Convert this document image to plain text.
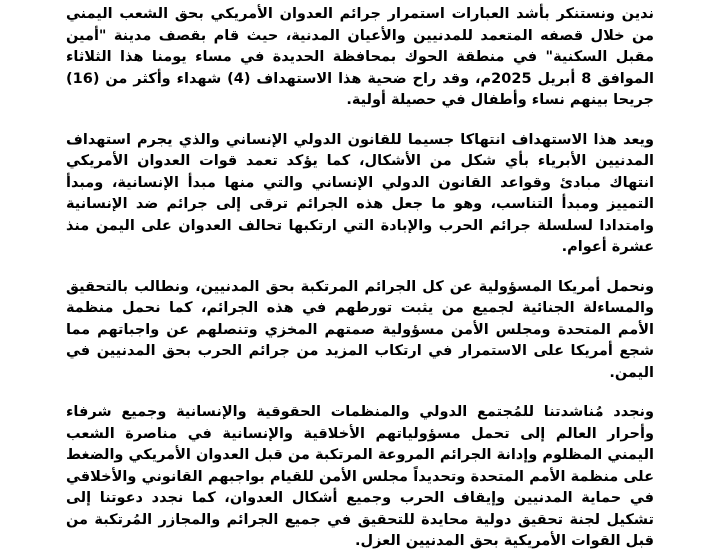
ندين ونستنكر بأشد العبارات استمرار جرائم العدوان الأمريكي بحق الشعب اليمني من خلال قصفه المتعمد للمدنيين والأعيان المدنية، حيث قام بقصف مدينة "أمين مقبل السكنية" في منطقة الحوك بمحافظة الحديدة في مساء يومنا هذا الثلاثاء الموافق 8 أبريل 2025م، وقد راح ضحية هذا الاستهداف (4) شهداء وأكثر من (16) جريحا بينهم نساء وأطفال في حصيلة أولية.

ويعد هذا الاستهداف انتهاكا جسيما للقانون الدولي الإنساني والذي يجرم استهداف المدنيين الأبرياء بأي شكل من الأشكال، كما يؤكد تعمد قوات العدوان الأمريكي انتهاك مبادئ وقواعد القانون الدولي الإنساني والتي منها مبدأ الإنسانية، ومبدأ التمييز ومبدأ التناسب، وهو ما جعل هذه الجرائم ترقى إلى جرائم ضد الإنسانية وامتدادا لسلسلة جرائم الحرب والإبادة التي ارتكبها تحالف العدوان على اليمن منذ عشرة أعوام.

ونحمل أمريكا المسؤولية عن كل الجرائم المرتكبة بحق المدنيين، ونطالب بالتحقيق والمساءلة الجنائية لجميع من يثبت تورطهم في هذه الجرائم، كما نحمل منظمة الأمم المتحدة ومجلس الأمن مسؤولية صمتهم المخزي وتنصلهم عن واجباتهم مما شجع أمريكا على الاستمرار في ارتكاب المزيد من جرائم الحرب بحق المدنيين في اليمن.

ونجدد مُناشدتنا للمُجتمع الدولي والمنظمات الحقوقية والإنسانية وجميع شرفاء وأحرار العالم إلى تحمل مسؤولياتهم الأخلاقية والإنسانية في مناصرة الشعب اليمني المظلوم وإدانة الجرائم المروعة المرتكبة من قبل العدوان الأمريكي والضغط على منظمة الأمم المتحدة وتحديداً مجلس الأمن للقيام بواجبهم القانوني والأخلاقي في حماية المدنيين وإيقاف الحرب وجميع أشكال العدوان، كما نجدد دعوتنا إلى تشكيل لجنة تحقيق دولية محايدة للتحقيق في جميع الجرائم والمجازر المُرتكبة من قبل القوات الأمريكية بحق المدنيين العزل.
